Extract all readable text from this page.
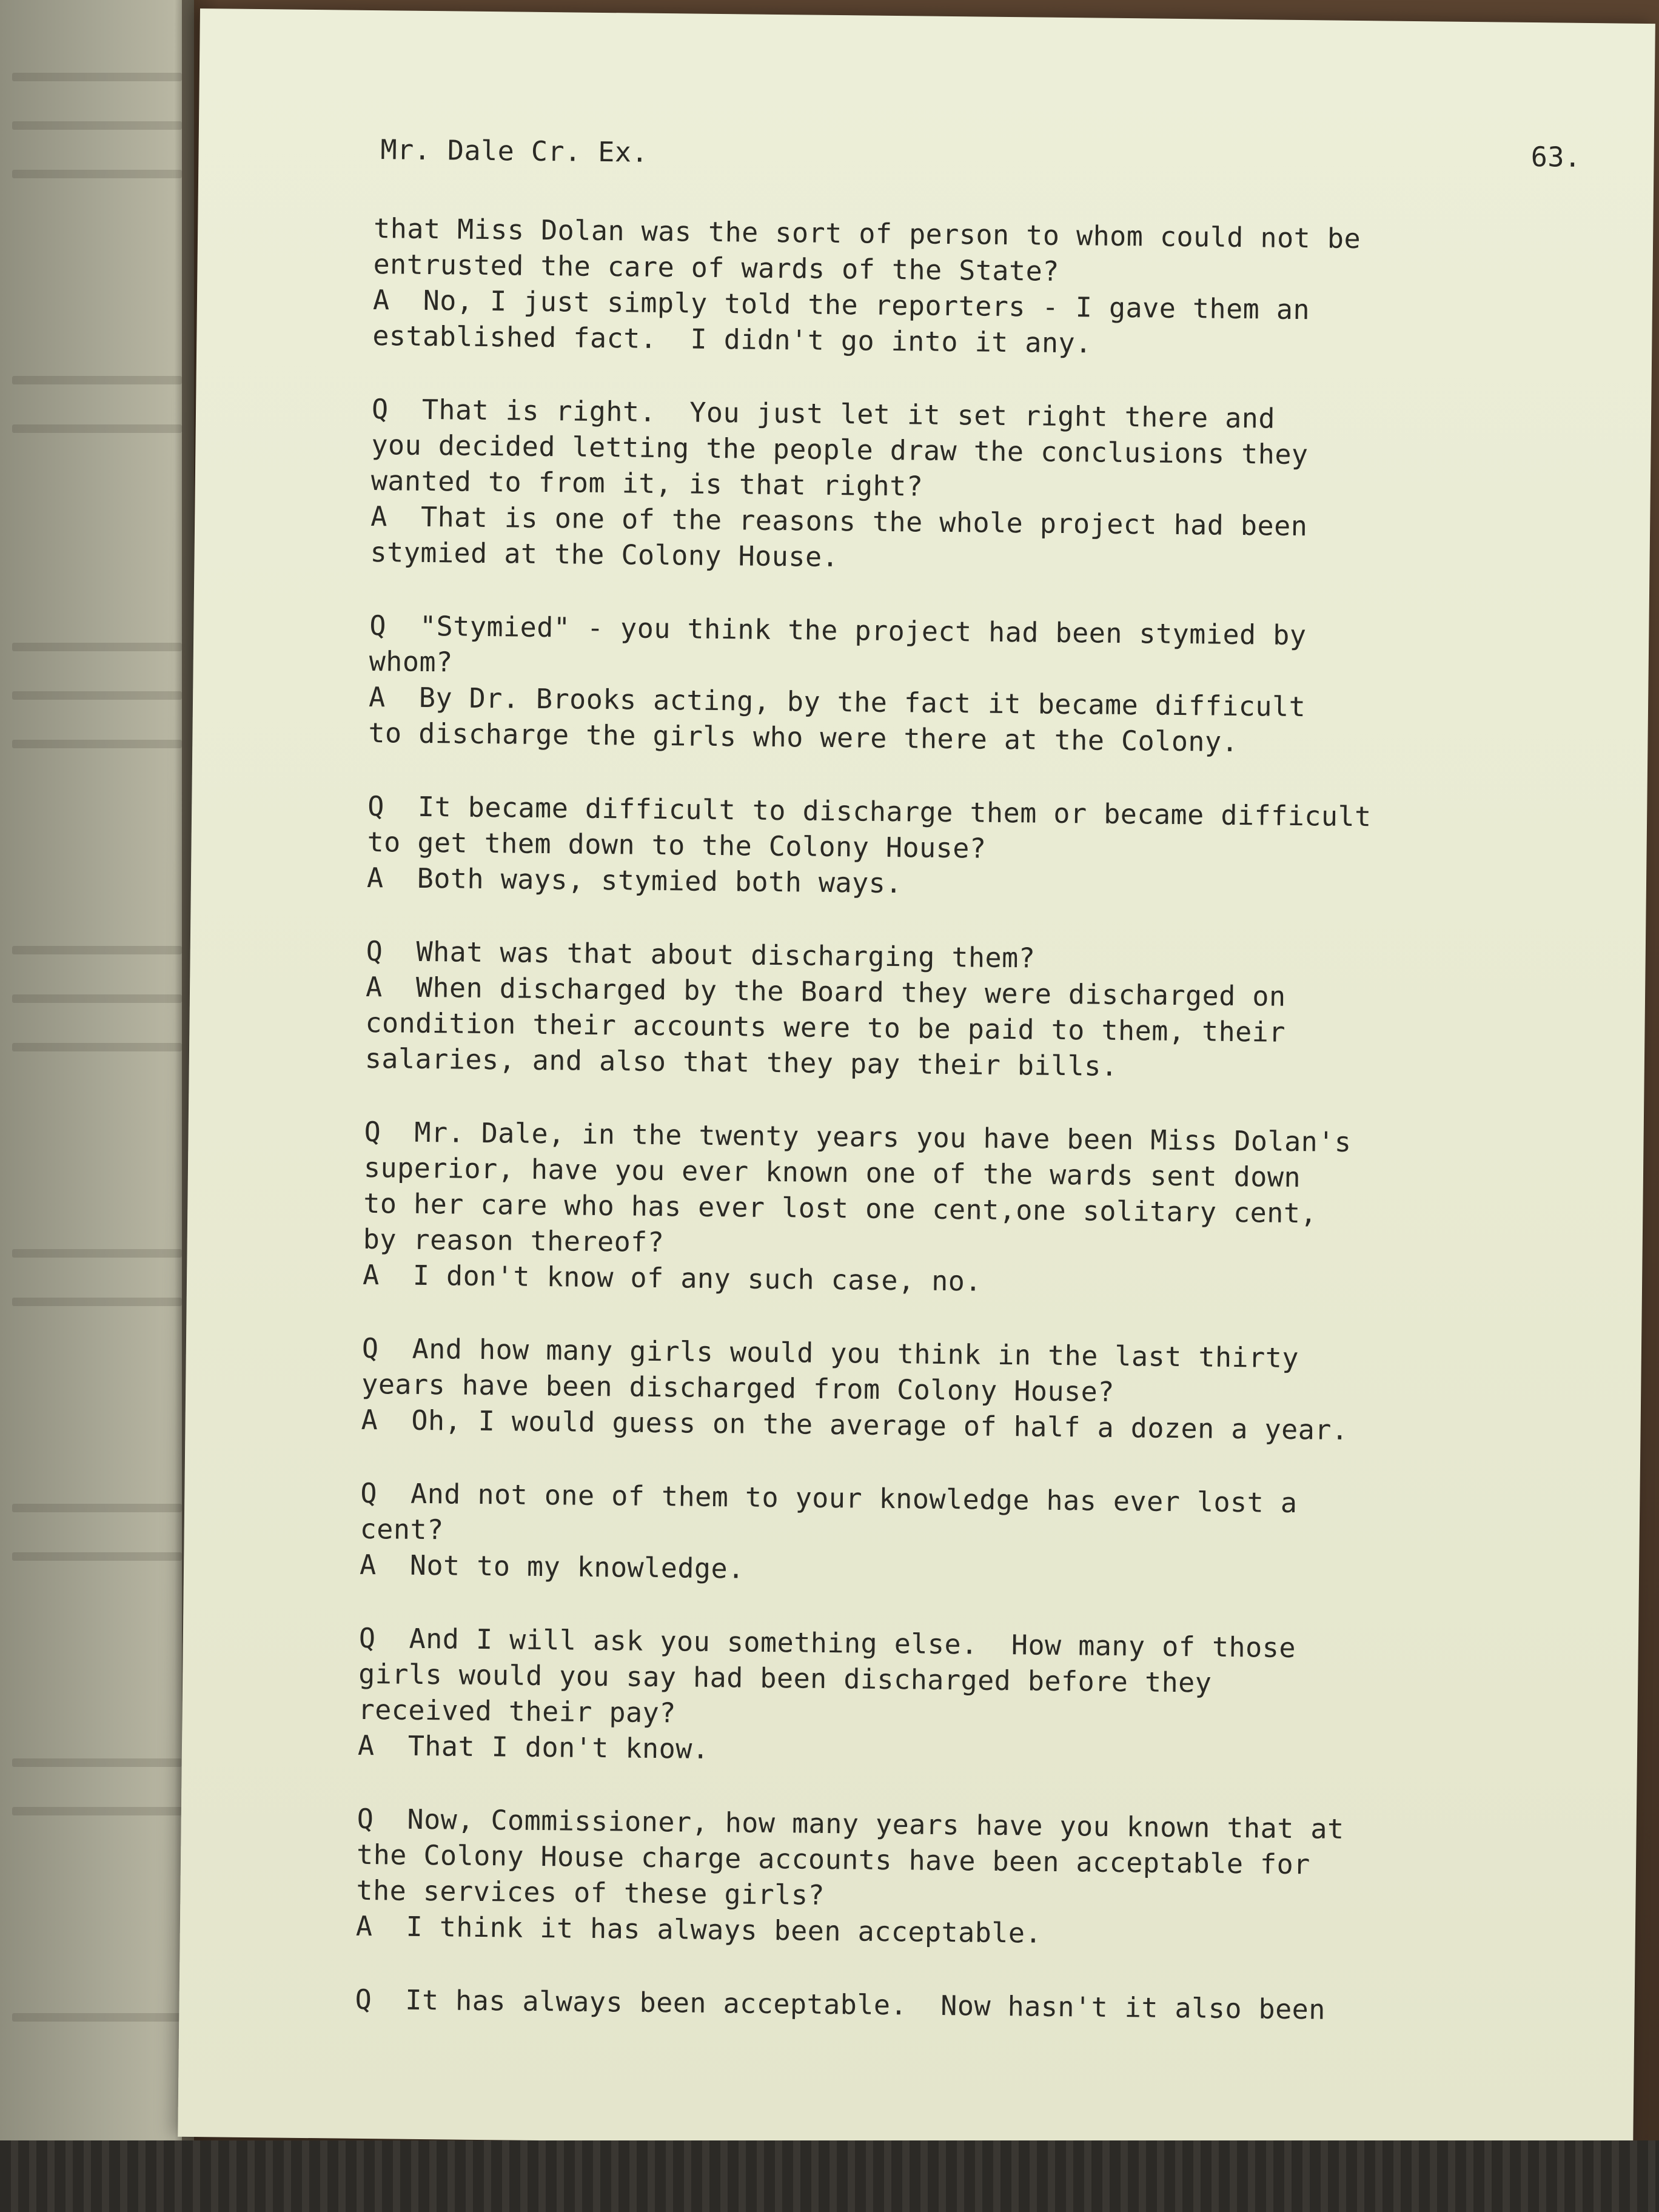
Mr. Dale Cr. Ex.	63.
that Miss Dolan was the sort of person to whom could not be
entrusted the care of wards of the State?
A  No, I just simply told the reporters - I gave them an
established fact.  I didn't go into it any.
Q  That is right.  You just let it set right there and
you decided letting the people draw the conclusions they
wanted to from it, is that right?
A  That is one of the reasons the whole project had been
stymied at the Colony House.
Q  "Stymied" - you think the project had been stymied by
whom?
A  By Dr. Brooks acting, by the fact it became difficult
to discharge the girls who were there at the Colony.
Q  It became difficult to discharge them or became difficult
to get them down to the Colony House?
A  Both ways, stymied both ways.
Q  What was that about discharging them?
A  When discharged by the Board they were discharged on
condition their accounts were to be paid to them, their
salaries, and also that they pay their bills.
Q  Mr. Dale, in the twenty years you have been Miss Dolan's
superior, have you ever known one of the wards sent down
to her care who has ever lost one cent,one solitary cent,
by reason thereof?
A  I don't know of any such case, no.
Q  And how many girls would you think in the last thirty
years have been discharged from Colony House?
A  Oh, I would guess on the average of half a dozen a year.
Q  And not one of them to your knowledge has ever lost a
cent?
A  Not to my knowledge.
Q  And I will ask you something else.  How many of those
girls would you say had been discharged before they
received their pay?
A  That I don't know.
Q  Now, Commissioner, how many years have you known that at
the Colony House charge accounts have been acceptable for
the services of these girls?
A  I think it has always been acceptable.
Q  It has always been acceptable.  Now hasn't it also been
